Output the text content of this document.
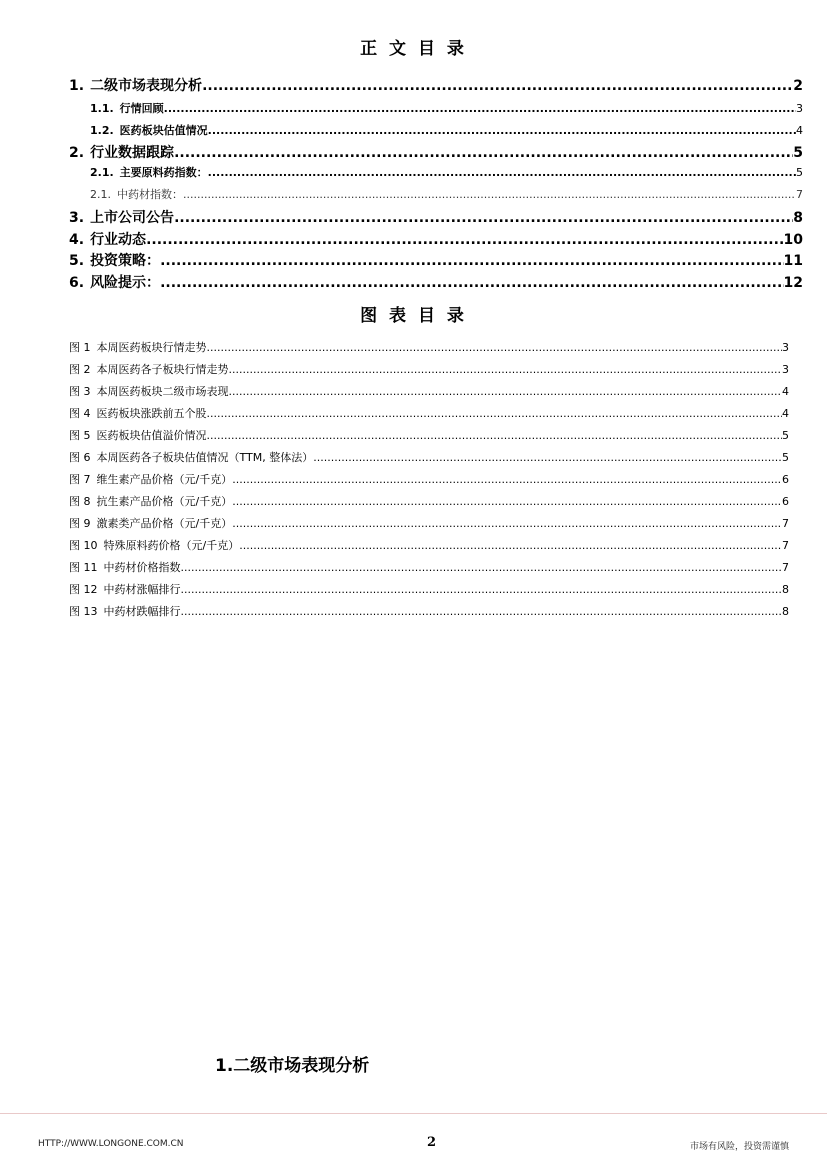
正 文 目 录
1. 二级市场表现分析 .....	2
1.1. 行情回顾 .....	3
1.2. 医药板块估值情况 .....	4
2. 行业数据跟踪 .....	5
2.1. 主要原料药指数： .....	5
2.1. 中药材指数： .....	7
3. 上市公司公告 .....	8
4. 行业动态 .....	10
5. 投资策略： .....	11
6. 风险提示： .....	12
图 表 目 录
图 1 本周医药板块行情走势 .....	3
图 2 本周医药各子板块行情走势 .....	3
图 3 本周医药板块二级市场表现 .....	4
图 4 医药板块涨跌前五个股 .....	4
图 5 医药板块估值溢价情况 .....	5
图 6 本周医药各子板块估值情况（TTM, 整体法） .....	5
图 7 维生素产品价格（元/千克） .....	6
图 8 抗生素产品价格（元/千克） .....	6
图 9 激素类产品价格（元/千克） .....	7
图 10 特殊原料药价格（元/千克） .....	7
图 11 中药材价格指数 .....	7
图 12 中药材涨幅排行 .....	8
图 13 中药材跌幅排行 .....	8
1.二级市场表现分析
HTTP://WWW.LONGONE.COM.CN	2	市场有风险，投资需谨慎
